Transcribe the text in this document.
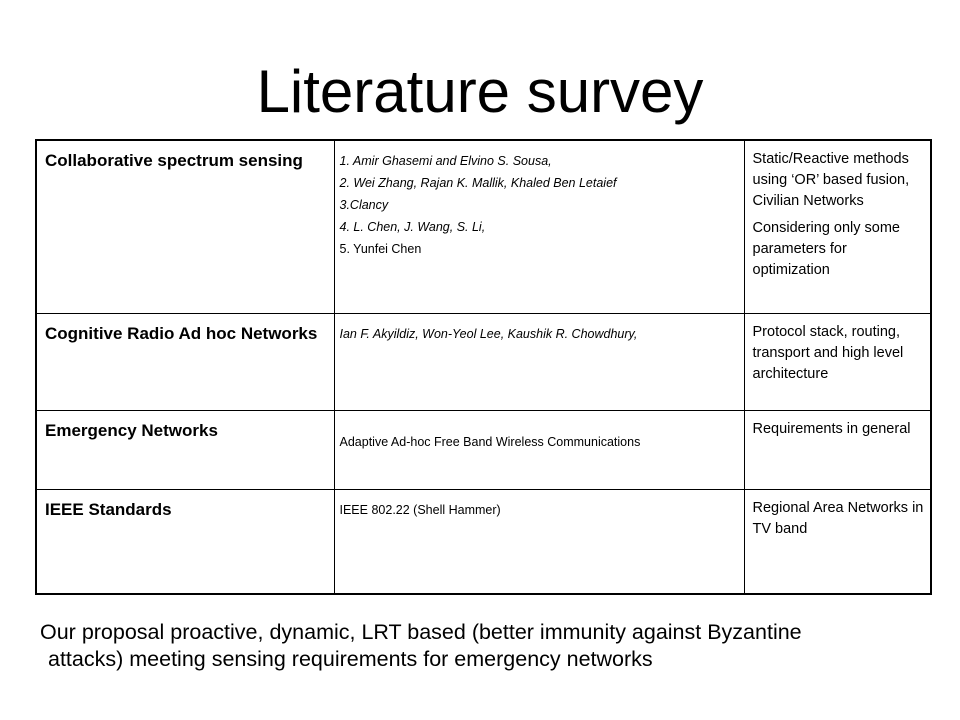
Literature survey
Collaborative spectrum sensing	1. Amir Ghasemi and Elvino S. Sousa,
2. Wei Zhang, Rajan K. Mallik, Khaled Ben Letaief
3.Clancy
4. L. Chen, J. Wang, S. Li,
5. Yunfei Chen	Static/Reactive methods using ‘OR’ based fusion, Civilian Networks
Considering only some parameters for optimization

Cognitive Radio Ad hoc Networks	Ian F. Akyildiz, Won-Yeol Lee, Kaushik R. Chowdhury,	Protocol stack, routing, transport and high level architecture

Emergency Networks	Adaptive Ad-hoc Free Band Wireless Communications	Requirements in general

IEEE Standards	IEEE 802.22 (Shell Hammer)	Regional Area Networks in TV band
Our proposal proactive, dynamic, LRT based (better immunity against Byzantine
attacks) meeting sensing requirements for emergency networks
